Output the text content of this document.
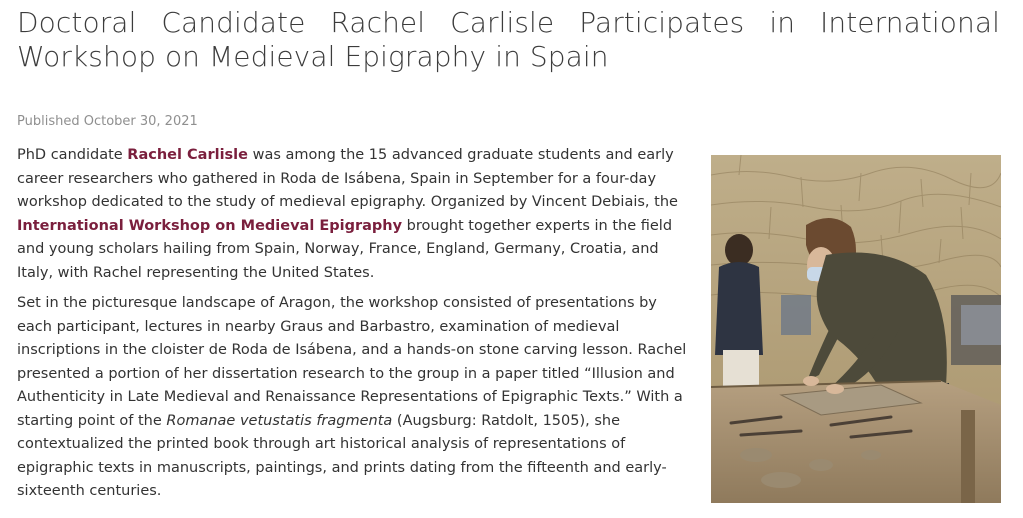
Doctoral Candidate Rachel Carlisle Participates in International Workshop on Medieval Epigraphy in Spain

Published October 30, 2021

PhD candidate Rachel Carlisle was among the 15 advanced graduate students and early career researchers who gathered in Roda de Isábena, Spain in September for a four-day workshop dedicated to the study of medieval epigraphy. Organized by Vincent Debiais, the International Workshop on Medieval Epigraphy brought together experts in the field and young scholars hailing from Spain, Norway, France, England, Germany, Croatia, and Italy, with Rachel representing the United States.

Set in the picturesque landscape of Aragon, the workshop consisted of presentations by each participant, lectures in nearby Graus and Barbastro, examination of medieval inscriptions in the cloister de Roda de Isábena, and a hands-on stone carving lesson. Rachel presented a portion of her dissertation research to the group in a paper titled “Illusion and Authenticity in Late Medieval and Renaissance Representations of Epigraphic Texts.” With a starting point of the Romanae vetustatis fragmenta (Augsburg: Ratdolt, 1505), she contextualized the printed book through art historical analysis of representations of epigraphic texts in manuscripts, paintings, and prints dating from the fifteenth and early-sixteenth centuries.
